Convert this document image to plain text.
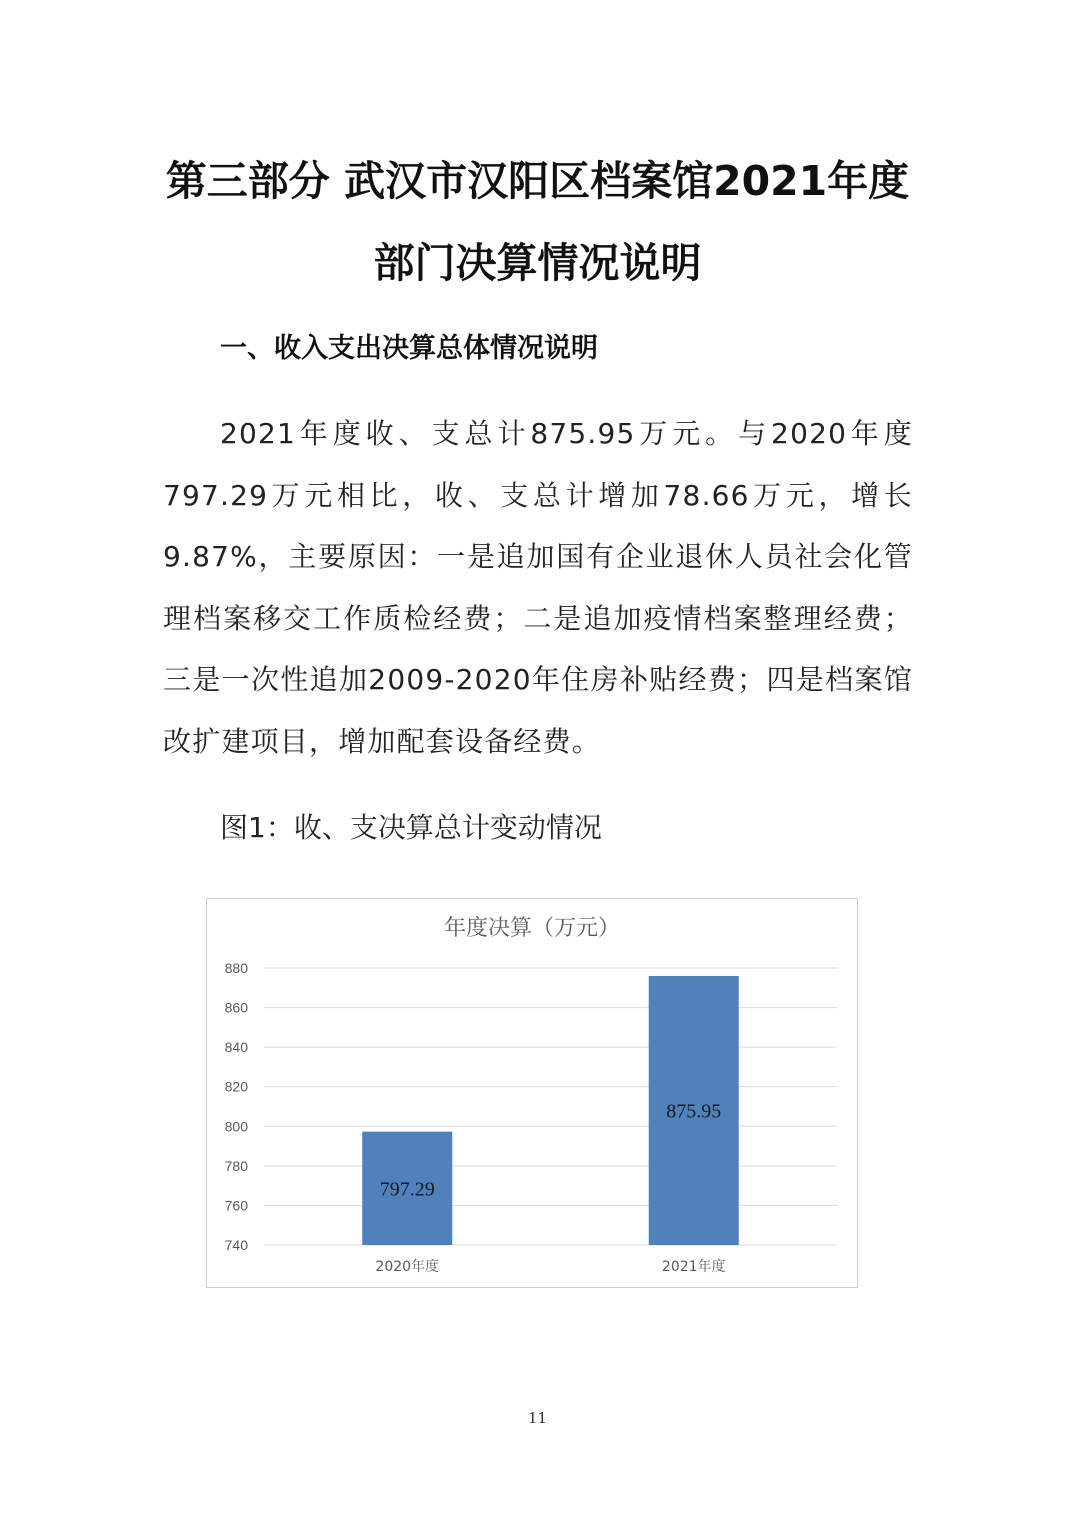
第三部分 武汉市汉阳区档案馆2021年度
部门决算情况说明
一、收入支出决算总体情况说明
2021年度收、支总计875.95万元。与2020年度797.29万元相比，收、支总计增加78.66万元，增长9.87%，主要原因：一是追加国有企业退休人员社会化管理档案移交工作质检经费；二是追加疫情档案整理经费；三是一次性追加2009-2020年住房补贴经费；四是档案馆改扩建项目，增加配套设备经费。
图1：收、支决算总计变动情况
年度决算（万元）
740
760
780
800
820
840
860
880
797.29
875.95
2020年度	2021年度
11
